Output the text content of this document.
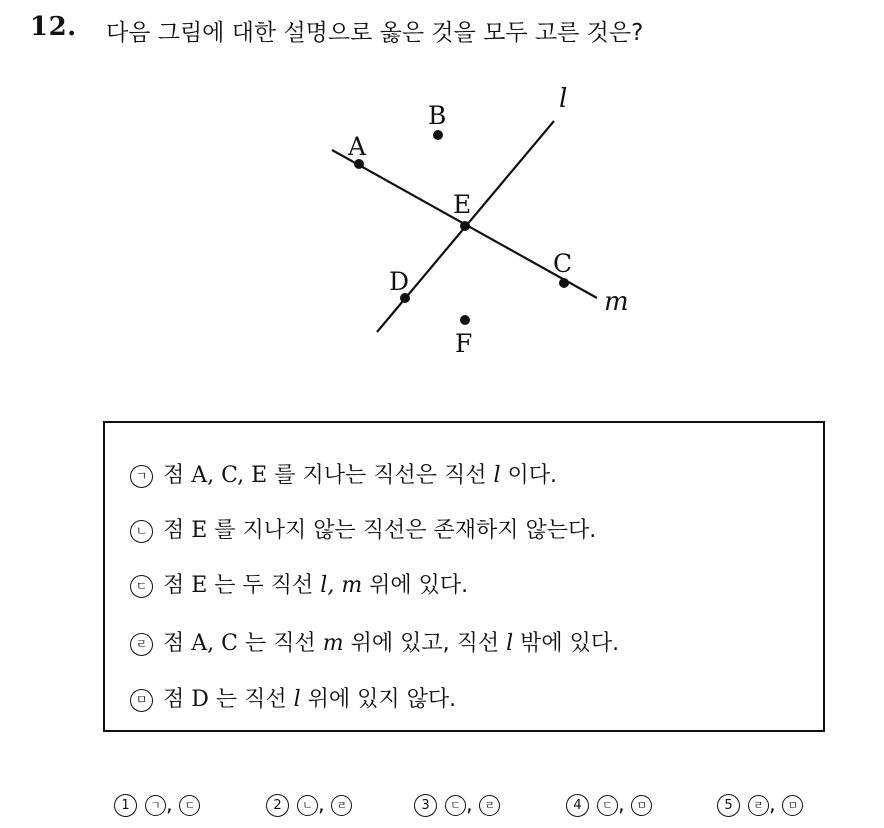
12. 다음 그림에 대한 설명으로 옳은 것을 모두 고른 것은?
A
B
C
D
E
F
l
m
ㄱ 점 A, C, E 를 지나는 직선은 직선 l 이다.
ㄴ 점 E 를 지나지 않는 직선은 존재하지 않는다.
ㄷ 점 E 는 두 직선 l, m 위에 있다.
ㄹ 점 A, C 는 직선 m 위에 있고, 직선 l 밖에 있다.
ㅁ 점 D 는 직선 l 위에 있지 않다.
1 ㄱ , ㄷ	2 ㄴ , ㄹ	3 ㄷ , ㄹ	4 ㄷ , ㅁ	5 ㄹ , ㅁ
